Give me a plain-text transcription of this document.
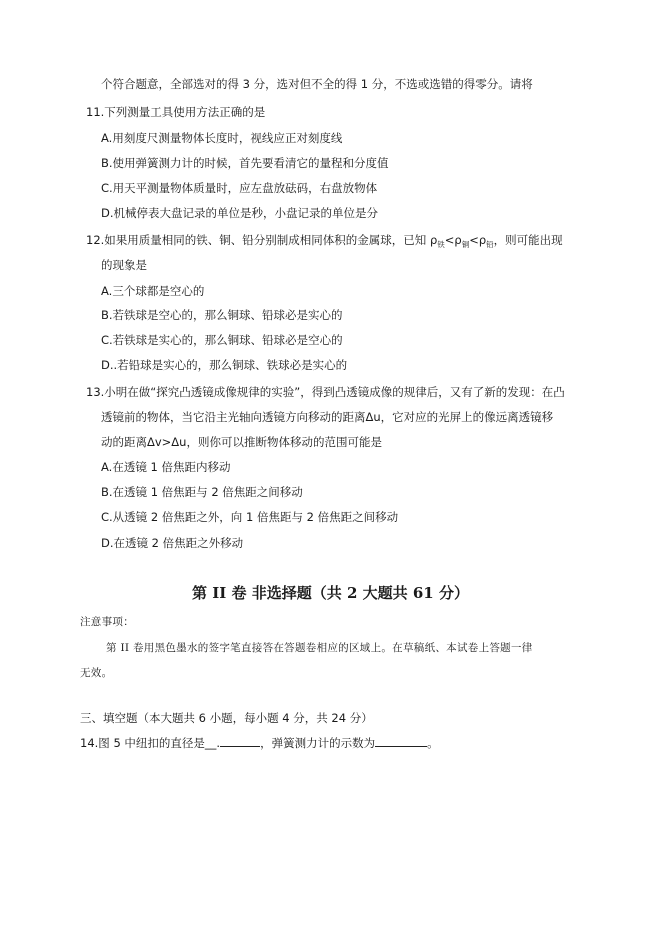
个符合题意，全部选对的得 3 分，选对但不全的得 1 分，不选或选错的得零分。请将
11.下列测量工具使用方法正确的是
A.用刻度尺测量物体长度时，视线应正对刻度线
B.使用弹簧测力计的时候，首先要看清它的量程和分度值
C.用天平测量物体质量时，应左盘放砝码，右盘放物体
D.机械停表大盘记录的单位是秒，小盘记录的单位是分
12.如果用质量相同的铁、铜、铅分别制成相同体积的金属球，已知 $\rho_铁<\rho_铜<\rho_铅$，则可能出现
的现象是
A.三个球都是空心的
B.若铁球是空心的，那么铜球、铅球必是实心的
C.若铁球是实心的，那么铜球、铅球必是空心的
D..若铅球是实心的，那么铜球、铁球必是实心的
13.小明在做“探究凸透镜成像规律的实验”，得到凸透镜成像的规律后，又有了新的发现：在凸
透镜前的物体，当它沿主光轴向透镜方向移动的距离Δu，它对应的光屏上的像远离透镜移
动的距离Δv>Δu，则你可以推断物体移动的范围可能是
A.在透镜 1 倍焦距内移动
B.在透镜 1 倍焦距与 2 倍焦距之间移动
C.从透镜 2 倍焦距之外，向 1 倍焦距与 2 倍焦距之间移动
D.在透镜 2 倍焦距之外移动
第 II 卷 非选择题（共 2 大题共 61 分）
注意事项：
第 II 卷用黑色墨水的签字笔直接答在答题卷相应的区域上。在草稿纸、本试卷上答题一律
无效。
三、填空题（本大题共 6 小题，每小题 4 分，共 24 分）
14.图 5 中纽扣的直径是__.	，弹簧测力计的示数为	。
